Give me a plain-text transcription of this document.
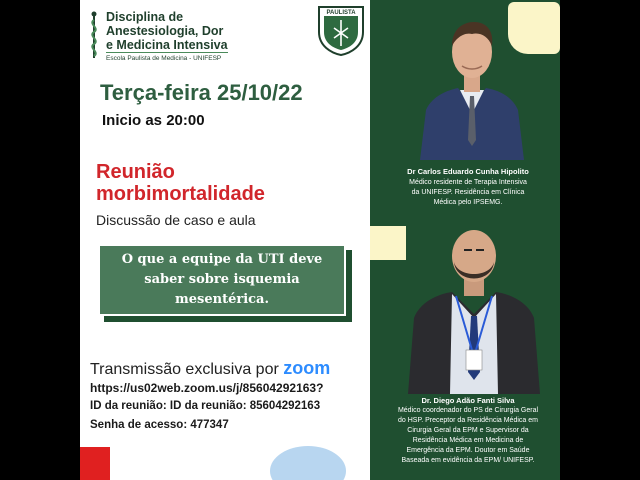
Disciplina de
Anestesiologia, Dor
e Medicina Intensiva
Escola Paulista de Medicina - UNIFESP
PAULISTA
Terça-feira 25/10/22
Inicio as 20:00
Reunião
morbimortalidade
Discussão de caso e aula
O que a equipe da UTI deve saber sobre isquemia mesentérica.
Transmissão exclusiva por zoom
https://us02web.zoom.us/j/85604292163?
ID da reunião: ID da reunião: 85604292163
Senha de acesso: 477347
Dr Carlos Eduardo Cunha Hipolito
Médico residente de Terapia Intensiva
da UNIFESP. Residência em Clínica
Médica pelo IPSEMG.
Dr. Diego Adão Fanti Silva
Médico coordenador do PS de Cirurgia Geral
do HSP. Preceptor da Residência Médica em
Cirurgia Geral da EPM e Supervisor da
Residência Médica em Medicina de
Emergência da EPM. Doutor em Saúde
Baseada em evidência da EPM/ UNIFESP.
